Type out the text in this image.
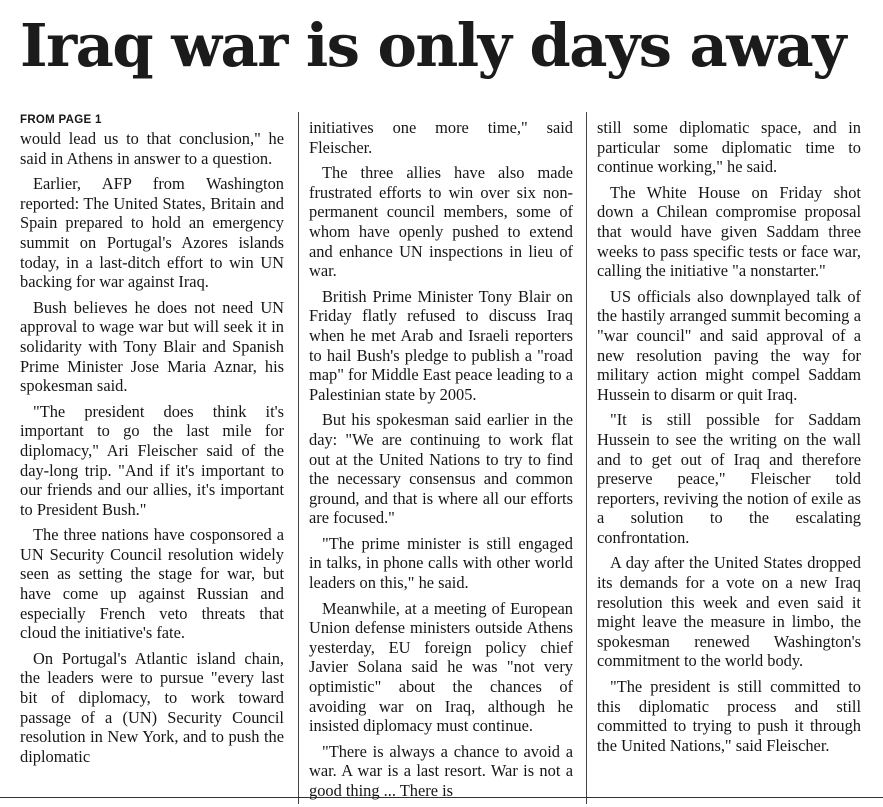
Iraq war is only days away
FROM PAGE 1

would lead us to that conclusion," he said in Athens in answer to a question.

Earlier, AFP from Washington reported: The United States, Britain and Spain prepared to hold an emergency summit on Portugal's Azores islands today, in a last-ditch effort to win UN backing for war against Iraq.

Bush believes he does not need UN approval to wage war but will seek it in solidarity with Tony Blair and Spanish Prime Minister Jose Maria Aznar, his spokesman said.

"The president does think it's important to go the last mile for diplomacy," Ari Fleischer said of the day-long trip. "And if it's important to our friends and our allies, it's important to President Bush."

The three nations have cosponsored a UN Security Council resolution widely seen as setting the stage for war, but have come up against Russian and especially French veto threats that cloud the initiative's fate.

On Portugal's Atlantic island chain, the leaders were to pursue "every last bit of diplomacy, to work toward passage of a (UN) Security Council resolution in New York, and to push the diplomatic

initiatives one more time," said Fleischer.

The three allies have also made frustrated efforts to win over six non-permanent council members, some of whom have openly pushed to extend and enhance UN inspections in lieu of war.

British Prime Minister Tony Blair on Friday flatly refused to discuss Iraq when he met Arab and Israeli reporters to hail Bush's pledge to publish a "road map" for Middle East peace leading to a Palestinian state by 2005.

But his spokesman said earlier in the day: "We are continuing to work flat out at the United Nations to try to find the necessary consensus and common ground, and that is where all our efforts are focused."

"The prime minister is still engaged in talks, in phone calls with other world leaders on this," he said.

Meanwhile, at a meeting of European Union defense ministers outside Athens yesterday, EU foreign policy chief Javier Solana said he was "not very optimistic" about the chances of avoiding war on Iraq, although he insisted diplomacy must continue.

"There is always a chance to avoid a war. A war is a last resort. War is not a good thing ... There is

still some diplomatic space, and in particular some diplomatic time to continue working," he said.

The White House on Friday shot down a Chilean compromise proposal that would have given Saddam three weeks to pass specific tests or face war, calling the initiative "a nonstarter."

US officials also downplayed talk of the hastily arranged summit becoming a "war council" and said approval of a new resolution paving the way for military action might compel Saddam Hussein to disarm or quit Iraq.

"It is still possible for Saddam Hussein to see the writing on the wall and to get out of Iraq and therefore preserve peace," Fleischer told reporters, reviving the notion of exile as a solution to the escalating confrontation.

A day after the United States dropped its demands for a vote on a new Iraq resolution this week and even said it might leave the measure in limbo, the spokesman renewed Washington's commitment to the world body.

"The president is still committed to this diplomatic process and still committed to trying to push it through the United Nations," said Fleischer.
